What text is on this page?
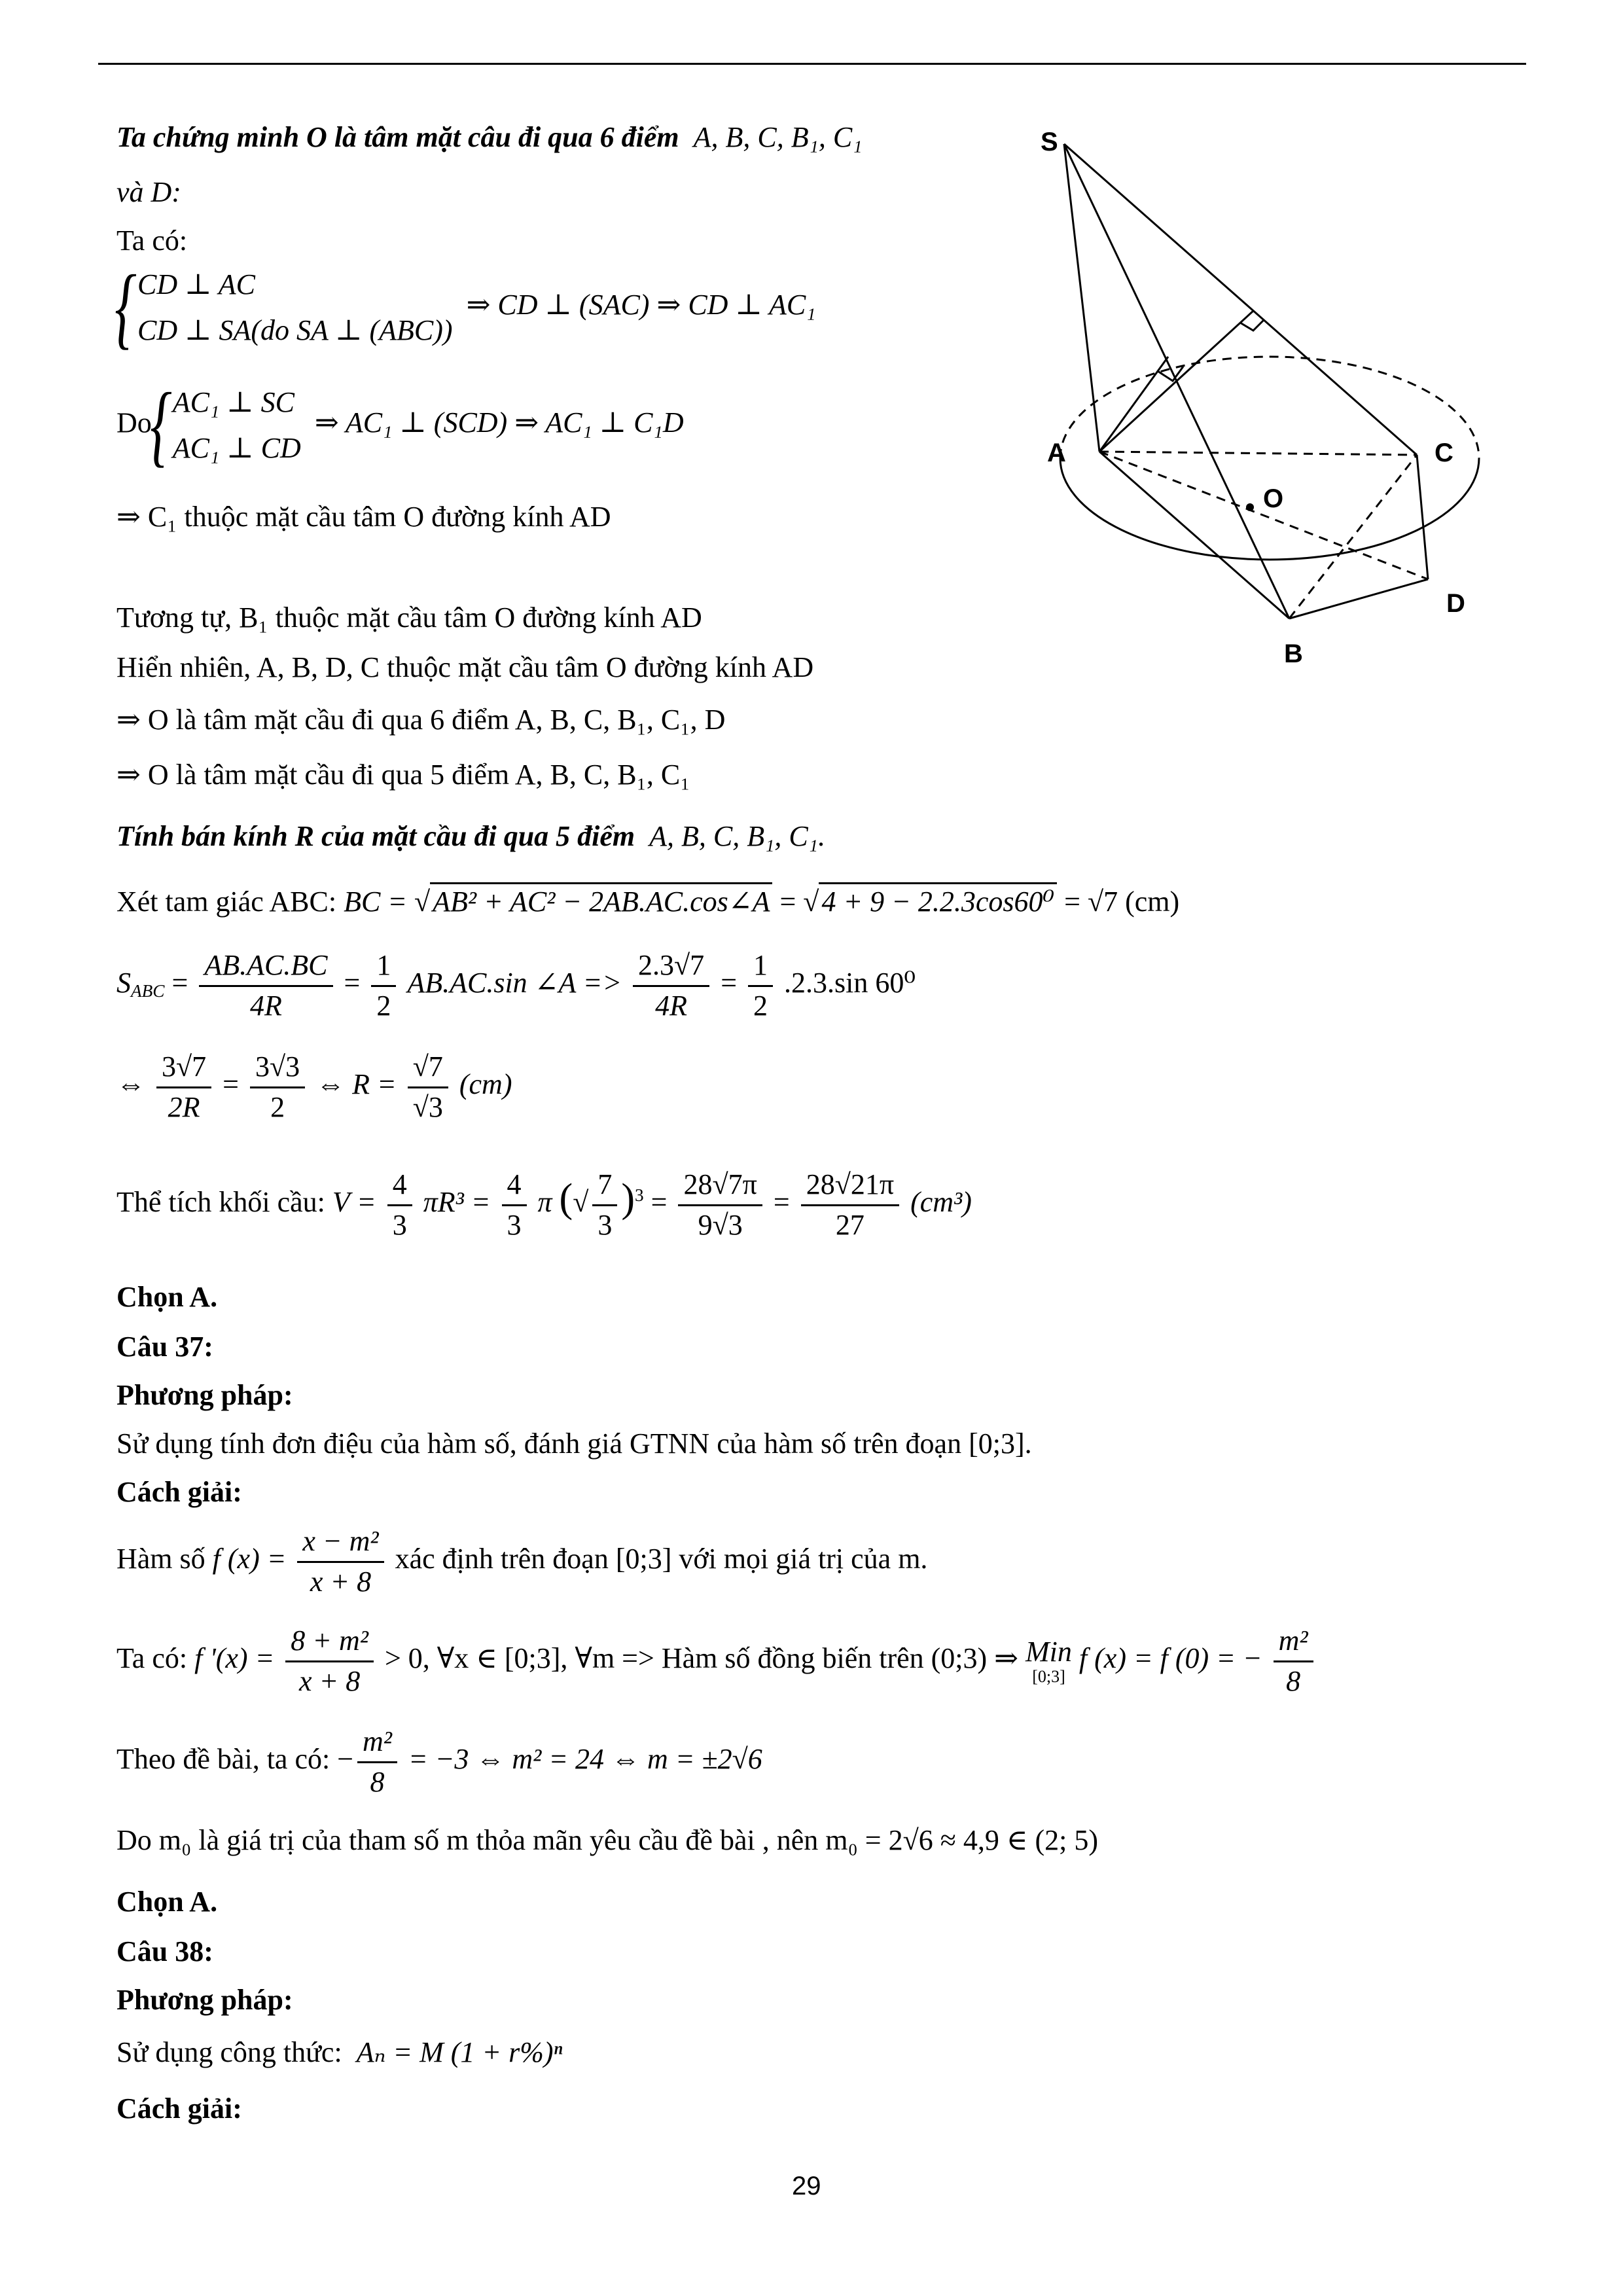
Ta chứng minh O là tâm mặt câu đi qua 6 điểm A, B, C, B₁, C₁
và D:
Ta có:
{ CD ⊥ AC
CD ⊥ SA(do SA ⊥ (ABC))
⇒ CD ⊥ (SAC) ⇒ CD ⊥ AC₁
Do{ AC₁ ⊥ SC
AC₁ ⊥ CD
⇒ AC₁ ⊥ (SCD) ⇒ AC₁ ⊥ C₁D
⇒ C₁ thuộc mặt cầu tâm O đường kính AD
Tương tự, B₁ thuộc mặt cầu tâm O đường kính AD
Hiển nhiên, A, B, D, C thuộc mặt cầu tâm O đường kính AD
⇒ O là tâm mặt cầu đi qua 6 điểm A, B, C, B₁, C₁, D
⇒ O là tâm mặt cầu đi qua 5 điểm A, B, C, B₁, C₁
Tính bán kính R của mặt cầu đi qua 5 điểm A, B, C, B₁, C₁.
Xét tam giác ABC: BC = √AB² + AC² − 2AB.AC.cos∠A = √4 + 9 − 2.2.3cos60⁰ = √7 (cm)
$S_{ABC} = \frac{AB.AC.BC}{4R} = \frac{1}{2} AB.AC.\sin$ ∠A => $\frac{2.3√7}{4R} = \frac{1}{2} .2.3.\sin$ 60⁰
⇔ $\frac{3√7}{2R} = \frac{3√3}{2}$ ⇔ $R = \frac{√7}{√3} (cm)$
Thể tích khối cầu: $V = \frac{4}{3} \pi R^3 = \frac{4}{3}$ π (√ $\frac{7}{3} )^3 = \frac{28√7\pi}{9√3} = \frac{28√21\pi}{27} (cm^3)$
Chọn A.
Câu 37:
Phương pháp:
Sử dụng tính đơn điệu của hàm số, đánh giá GTNN của hàm số trên đoạn [0;3].
Cách giải:
Hàm số f $(x) = \frac{\text{x − m²}}{x + 8}$ xác định trên đoạn [0;3] với mọi giá trị của m.
Ta có: f '$(x) = \frac{\text{8 + m²}}{x + 8} > 0$, ∀x ∈ [0;3], ∀m => Hàm số đồng biến trên (0;3) ⇒ Min
[0;3]
f (x) = f (0) = − $\frac{\text{m²}}{8}$
Theo đề bài, ta có: − $\frac{\text{m²}}{8} = -3$ ⇔ m² = 24 ⇔ m = ±2√6
Do m₀ là giá trị của tham số m thỏa mãn yêu cầu đề bài , nên m₀ = 2√6 ≈ 4,9 ∈ (2; 5)
Chọn A.
Câu 38:
Phương pháp:
Sử dụng công thức: Aₙ = M (1 + r%)ⁿ
Cách giải:
S
A	C
O
D
B
29
